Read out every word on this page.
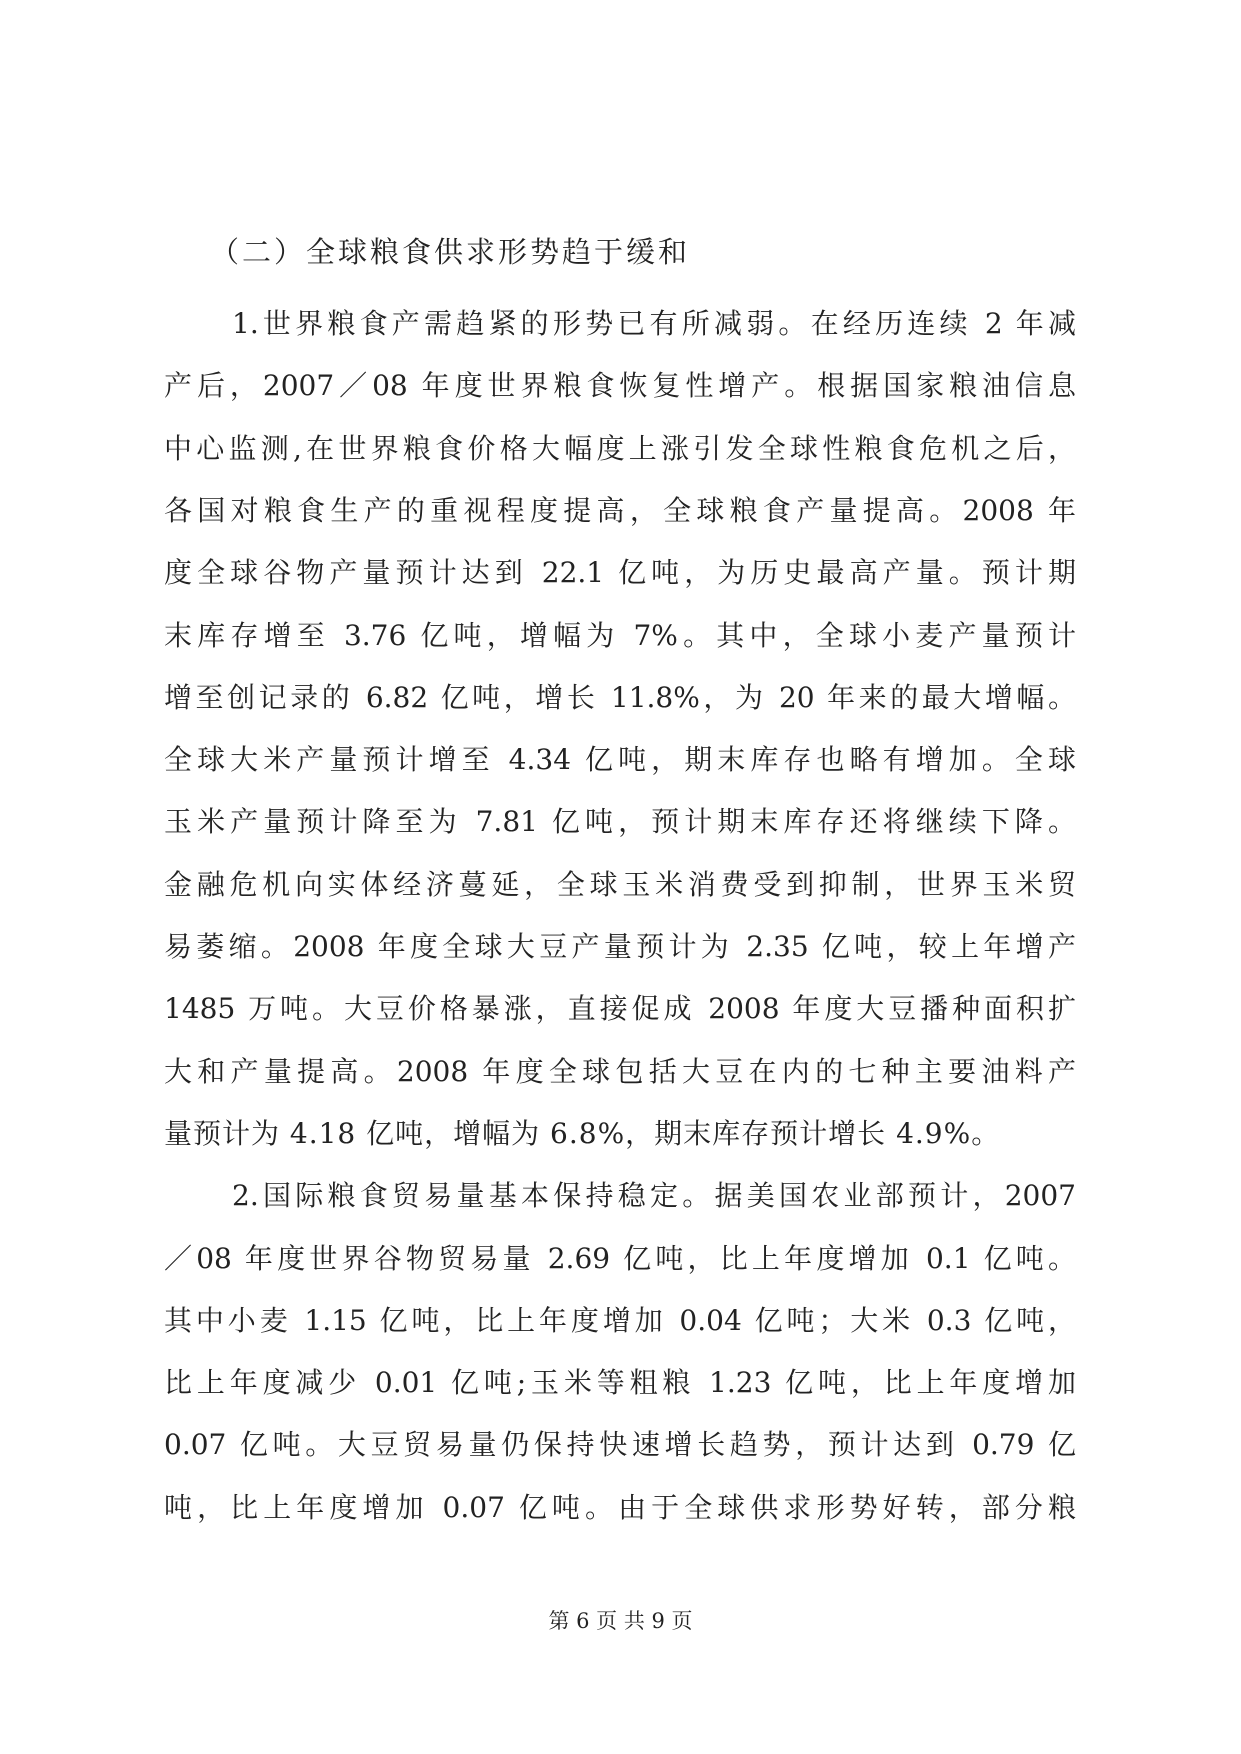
（二）全球粮食供求形势趋于缓和
1.世界粮食产需趋紧的形势已有所减弱。在经历连续 2 年减
产后，2007／08 年度世界粮食恢复性增产。根据国家粮油信息
中心监测,在世界粮食价格大幅度上涨引发全球性粮食危机之后，
各国对粮食生产的重视程度提高，全球粮食产量提高。2008 年
度全球谷物产量预计达到 22.1 亿吨，为历史最高产量。预计期
末库存增至 3.76 亿吨，增幅为 7%。其中，全球小麦产量预计
增至创记录的 6.82 亿吨，增长 11.8%，为 20 年来的最大增幅。
全球大米产量预计增至 4.34 亿吨，期末库存也略有增加。全球
玉米产量预计降至为 7.81 亿吨，预计期末库存还将继续下降。
金融危机向实体经济蔓延，全球玉米消费受到抑制，世界玉米贸
易萎缩。2008 年度全球大豆产量预计为 2.35 亿吨，较上年增产
1485 万吨。大豆价格暴涨，直接促成 2008 年度大豆播种面积扩
大和产量提高。2008 年度全球包括大豆在内的七种主要油料产
量预计为 4.18 亿吨，增幅为 6.8%，期末库存预计增长 4.9%。
2.国际粮食贸易量基本保持稳定。据美国农业部预计，2007
／08 年度世界谷物贸易量 2.69 亿吨，比上年度增加 0.1 亿吨。
其中小麦 1.15 亿吨，比上年度增加 0.04 亿吨；大米 0.3 亿吨，
比上年度减少 0.01 亿吨;玉米等粗粮 1.23 亿吨，比上年度增加
0.07 亿吨。大豆贸易量仍保持快速增长趋势，预计达到 0.79 亿
吨，比上年度增加 0.07 亿吨。由于全球供求形势好转，部分粮
第 6 页 共 9 页
